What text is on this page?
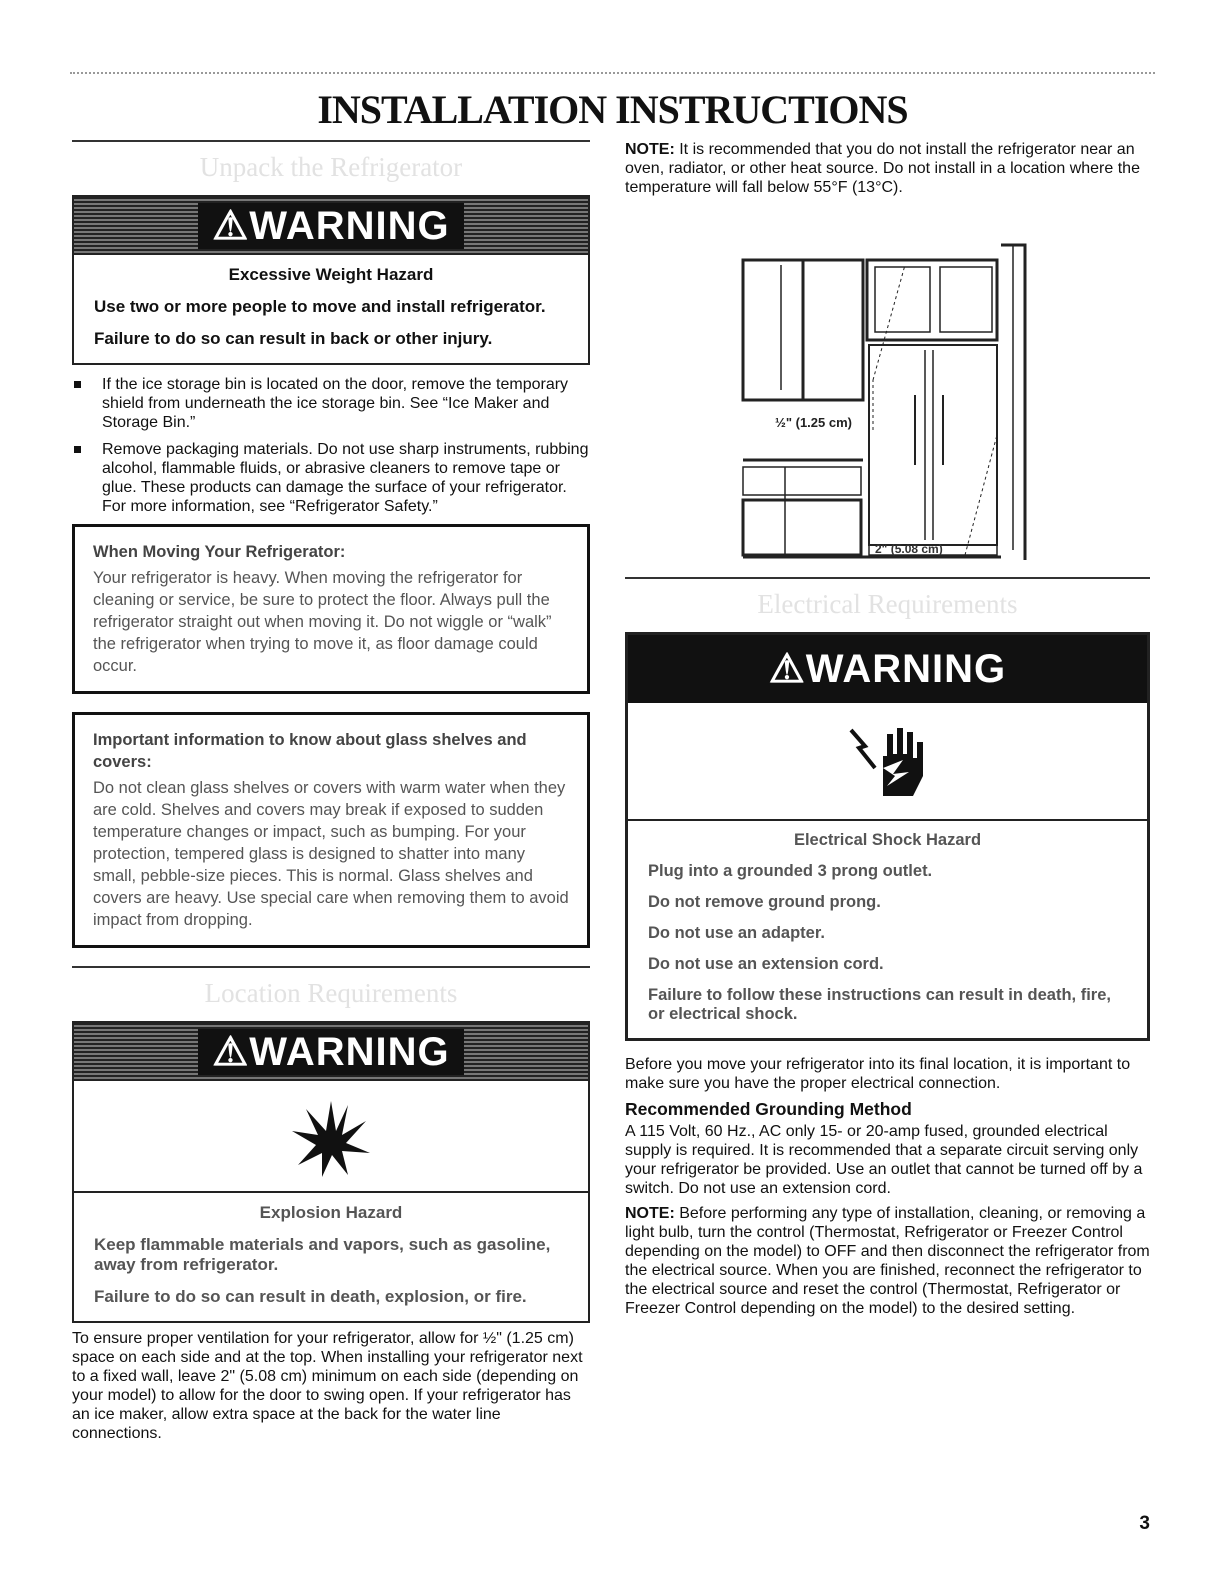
INSTALLATION INSTRUCTIONS
Unpack the Refrigerator
⚠WARNING
Excessive Weight Hazard

Use two or more people to move and install refrigerator.

Failure to do so can result in back or other injury.

If the ice storage bin is located on the door, remove the temporary shield from underneath the ice storage bin. See “Ice Maker and Storage Bin.”
Remove packaging materials. Do not use sharp instruments, rubbing alcohol, flammable fluids, or abrasive cleaners to remove tape or glue. These products can damage the surface of your refrigerator. For more information, see “Refrigerator Safety.”
When Moving Your Refrigerator:
Your refrigerator is heavy. When moving the refrigerator for cleaning or service, be sure to protect the floor. Always pull the refrigerator straight out when moving it. Do not wiggle or “walk” the refrigerator when trying to move it, as floor damage could occur.
Important information to know about glass shelves and covers:
Do not clean glass shelves or covers with warm water when they are cold. Shelves and covers may break if exposed to sudden temperature changes or impact, such as bumping. For your protection, tempered glass is designed to shatter into many small, pebble-size pieces. This is normal. Glass shelves and covers are heavy. Use special care when removing them to avoid impact from dropping.
Location Requirements
⚠WARNING
Explosion Hazard

Keep flammable materials and vapors, such as gasoline, away from refrigerator.

Failure to do so can result in death, explosion, or fire.

To ensure proper ventilation for your refrigerator, allow for ½" (1.25 cm) space on each side and at the top. When installing your refrigerator next to a fixed wall, leave 2" (5.08 cm) minimum on each side (depending on your model) to allow for the door to swing open. If your refrigerator has an ice maker, allow extra space at the back for the water line connections.
NOTE: It is recommended that you do not install the refrigerator near an oven, radiator, or other heat source. Do not install in a location where the temperature will fall below 55°F (13°C).
½" (1.25 cm)
2" (5.08 cm)
Electrical Requirements
⚠WARNING
Electrical Shock Hazard

Plug into a grounded 3 prong outlet.

Do not remove ground prong.

Do not use an adapter.

Do not use an extension cord.

Failure to follow these instructions can result in death, fire, or electrical shock.

Before you move your refrigerator into its final location, it is important to make sure you have the proper electrical connection.
Recommended Grounding Method
A 115 Volt, 60 Hz., AC only 15- or 20-amp fused, grounded electrical supply is required. It is recommended that a separate circuit serving only your refrigerator be provided. Use an outlet that cannot be turned off by a switch. Do not use an extension cord.
NOTE: Before performing any type of installation, cleaning, or removing a light bulb, turn the control (Thermostat, Refrigerator or Freezer Control depending on the model) to OFF and then disconnect the refrigerator from the electrical source. When you are finished, reconnect the refrigerator to the electrical source and reset the control (Thermostat, Refrigerator or Freezer Control depending on the model) to the desired setting.
3
